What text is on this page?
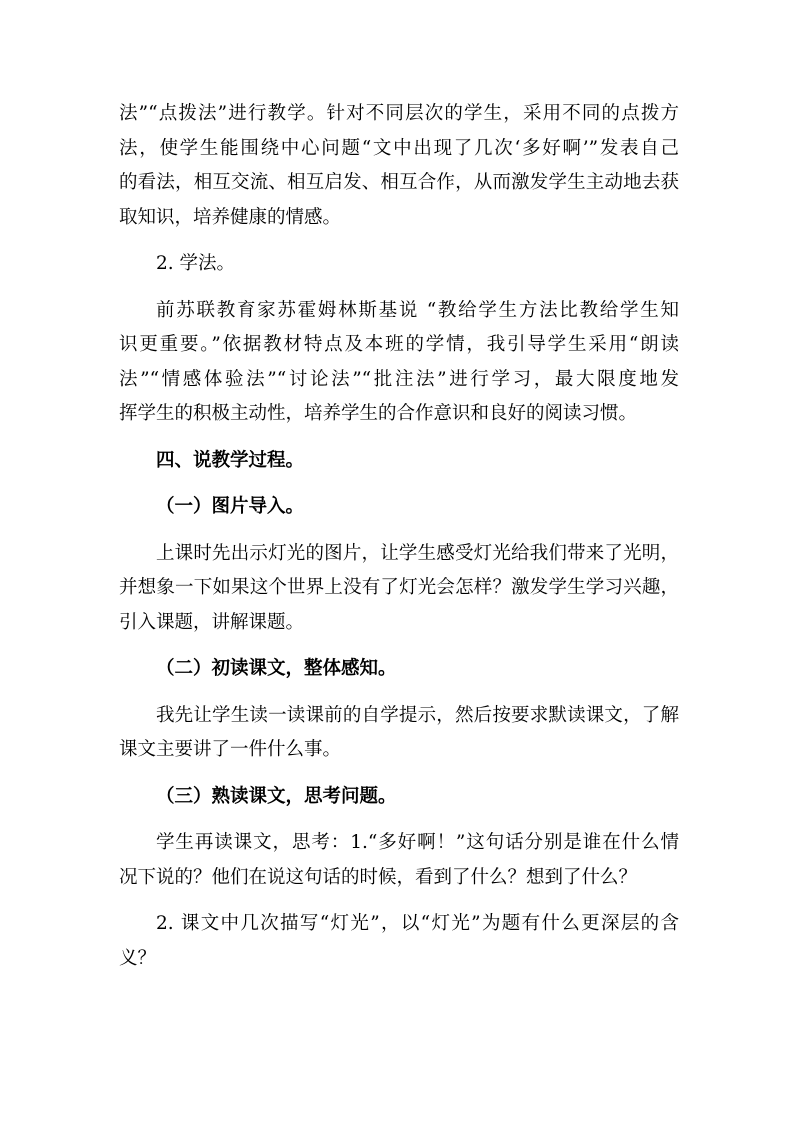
法”“点拨法”进行教学。针对不同层次的学生，采用不同的点拨方
法，使学生能围绕中心问题“文中出现了几次‘多好啊’”发表自己
的看法，相互交流、相互启发、相互合作，从而激发学生主动地去获
取知识，培养健康的情感。
2. 学法。
前苏联教育家苏霍姆林斯基说 “教给学生方法比教给学生知
识更重要。”依据教材特点及本班的学情，我引导学生采用“朗读
法”“情感体验法”“讨论法”“批注法”进行学习，最大限度地发
挥学生的积极主动性，培养学生的合作意识和良好的阅读习惯。
四、说教学过程。
（一）图片导入。
上课时先出示灯光的图片，让学生感受灯光给我们带来了光明，
并想象一下如果这个世界上没有了灯光会怎样？激发学生学习兴趣，
引入课题，讲解课题。
（二）初读课文，整体感知。
我先让学生读一读课前的自学提示，然后按要求默读课文，了解
课文主要讲了一件什么事。
（三）熟读课文，思考问题。
学生再读课文，思考：1.“多好啊！”这句话分别是谁在什么情
况下说的？他们在说这句话的时候，看到了什么？想到了什么？
2. 课文中几次描写“灯光”，以“灯光”为题有什么更深层的含
义？
